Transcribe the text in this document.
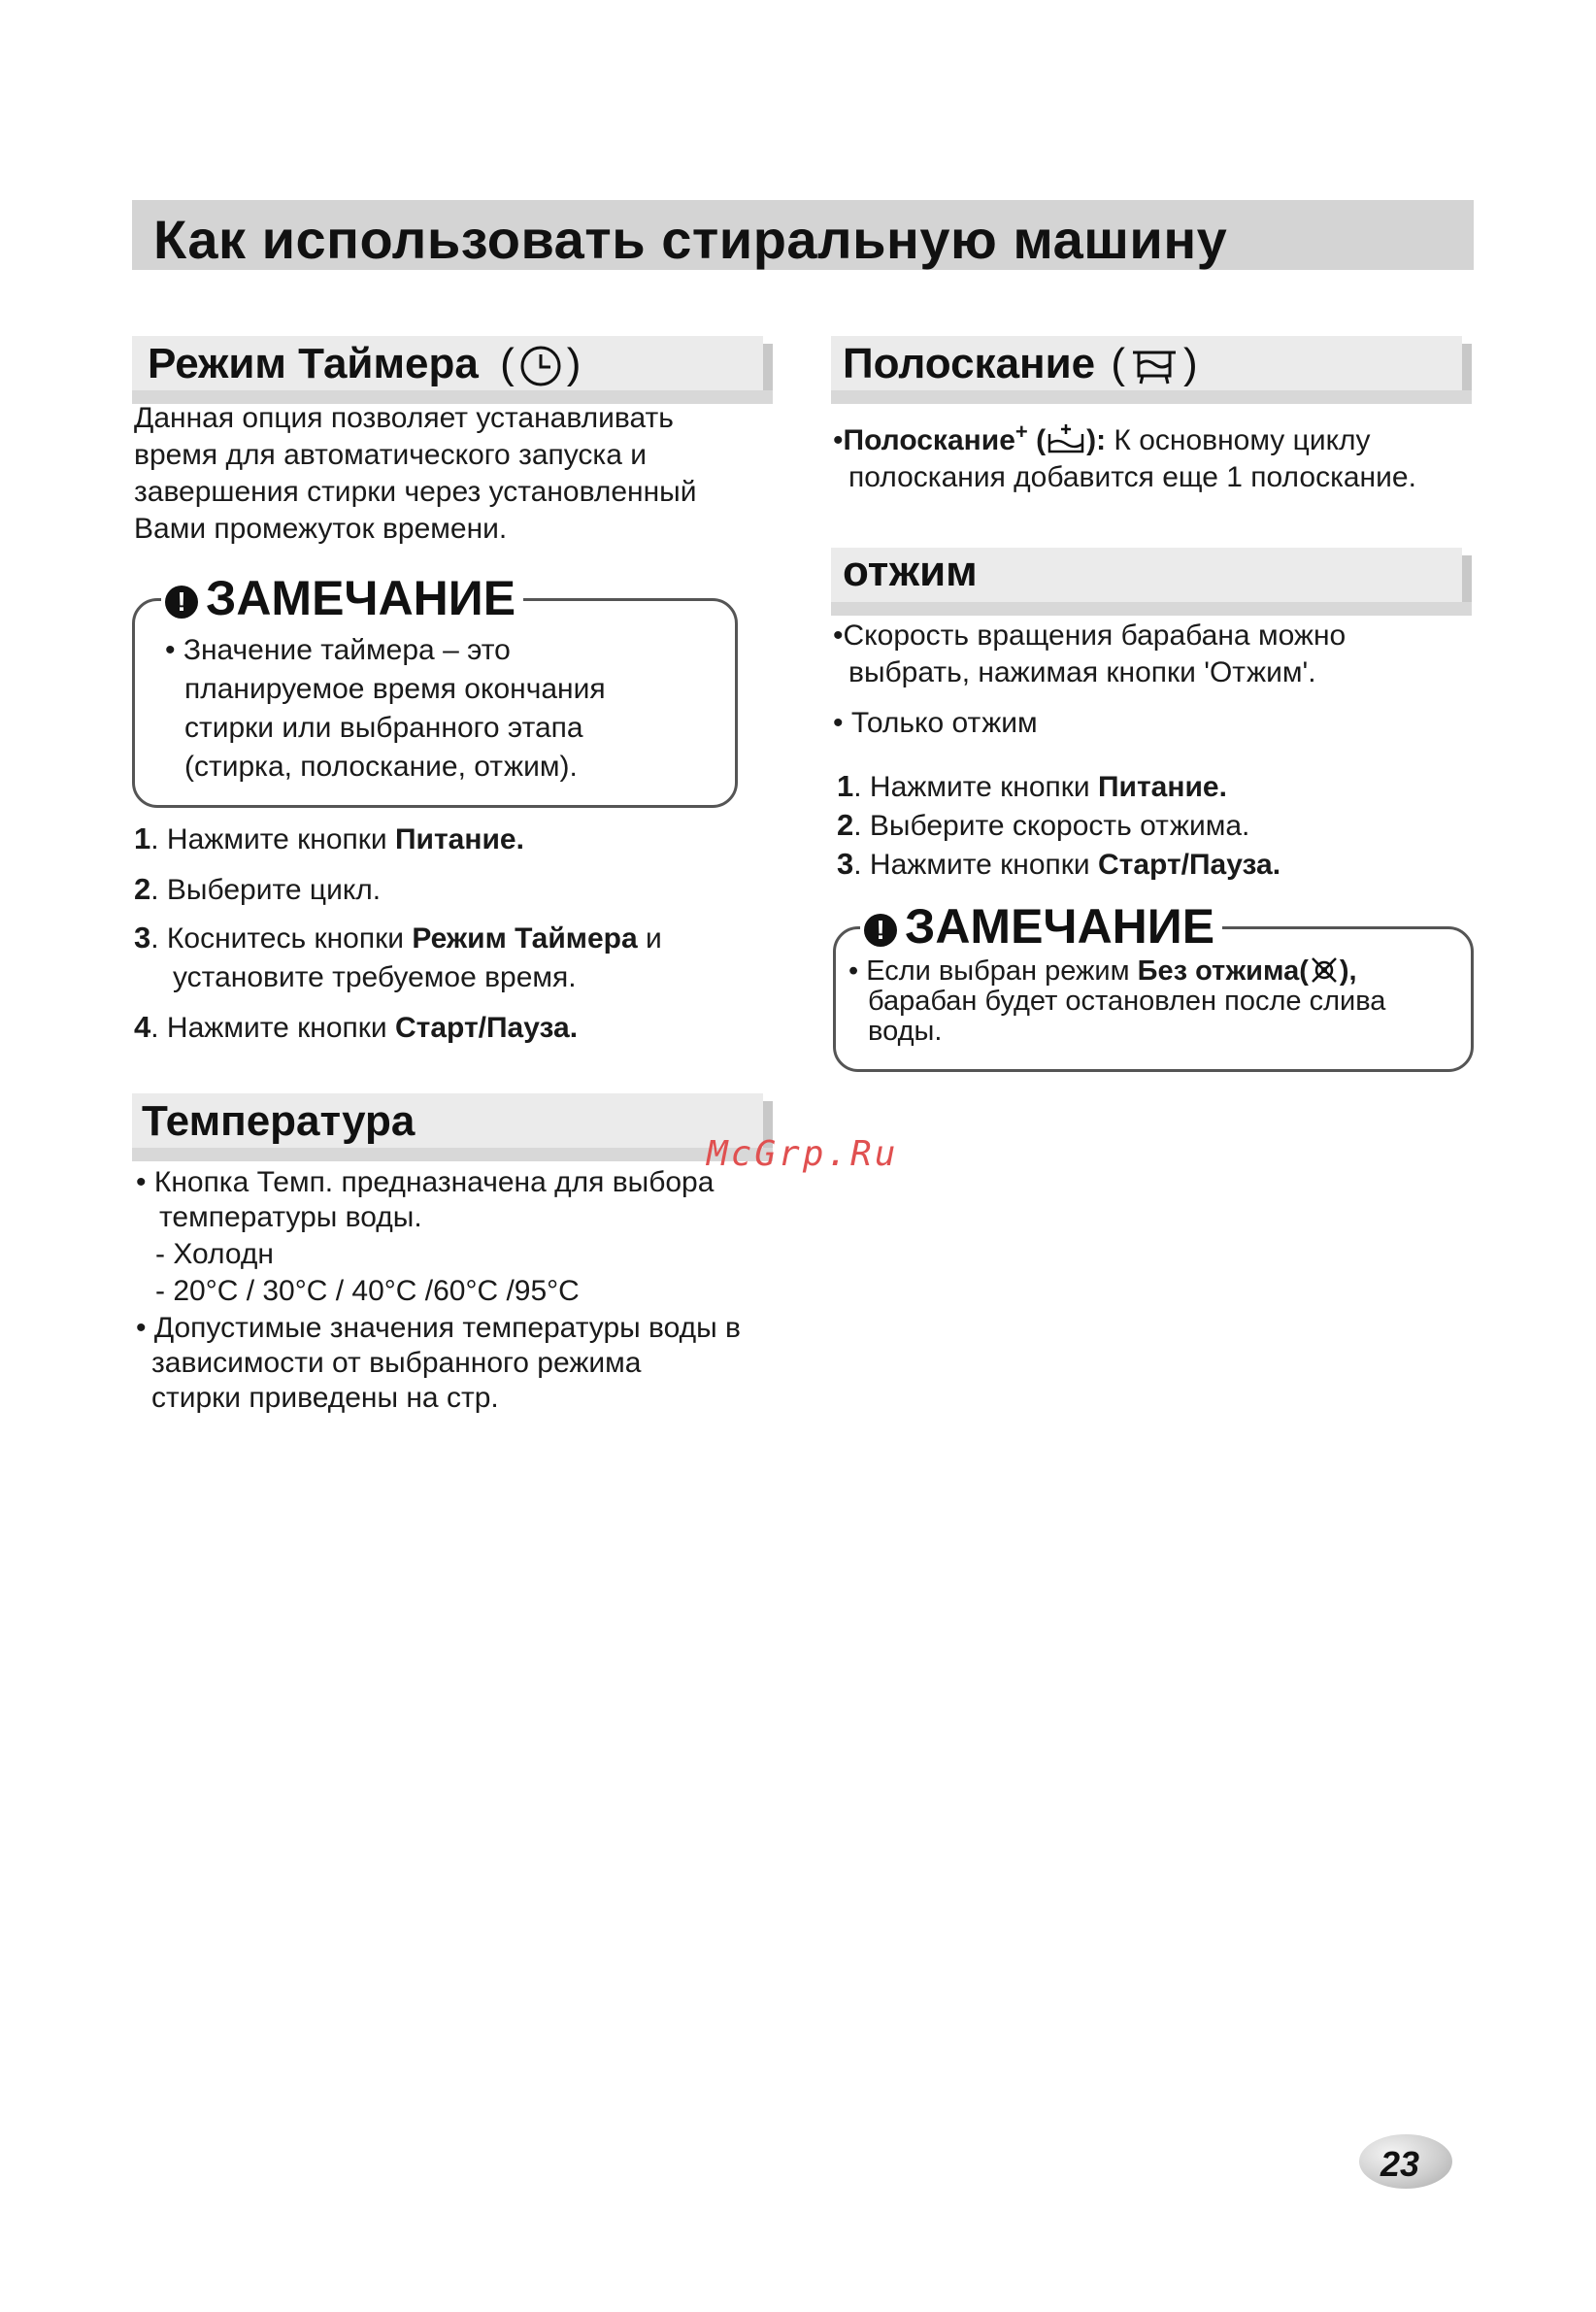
Как использовать стиральную машину
Режим Таймера ( )
Данная опция позволяет устанавливать
время для автоматического запуска и
завершения стирки через установленный
Вами промежуток времени.
! ЗАМЕЧАНИЕ
• Значение таймера – это
планируемое время окончания
стирки или выбранного этапа
(стирка, полоскание, отжим).
1. Нажмите кнопки Питание.
2. Выберите цикл.
3. Коснитесь кнопки Режим Таймера и
установите требуемое время.
4. Нажмите кнопки Старт/Пауза.
Температура
• Кнопка Темп. предназначена для выбора
температуры воды.
- Холодн
- 20°C / 30°C / 40°C /60°C /95°C
• Допустимые значения температуры воды в
зависимости от выбранного режима
стирки приведены на стр.
Полоскание ( )
•Полоскание+ ( ): К основному циклу
полоскания добавится еще 1 полоскание.
отжим
•Скорость вращения барабана можно
выбрать, нажимая кнопки 'Отжим'.
• Только отжим
1. Нажмите кнопки Питание.
2. Выберите скорость отжима.
3. Нажмите кнопки Старт/Пауза.
! ЗАМЕЧАНИЕ
• Если выбран режим Без отжима( ),
барабан будет остановлен после слива
воды.
McGrp.Ru
23
